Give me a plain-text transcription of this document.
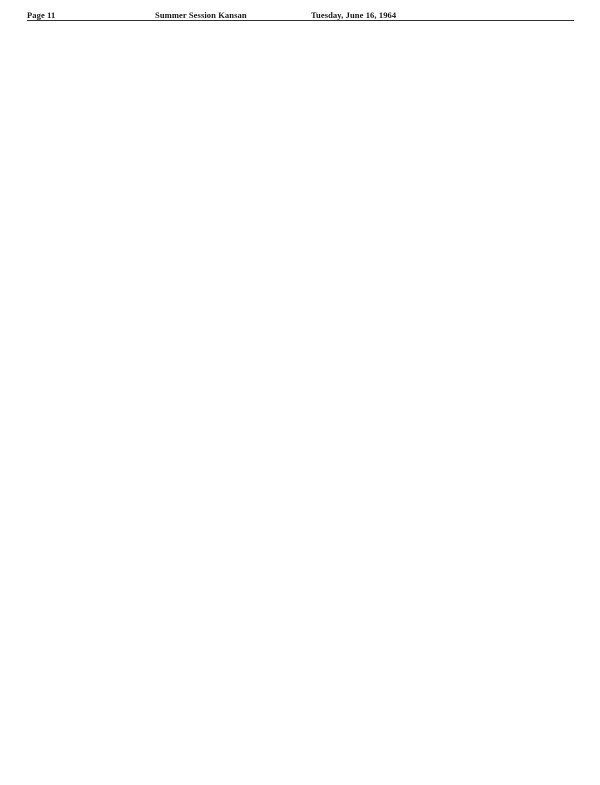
Page 11	Summer Session Kansan	Tuesday, June 16, 1964
